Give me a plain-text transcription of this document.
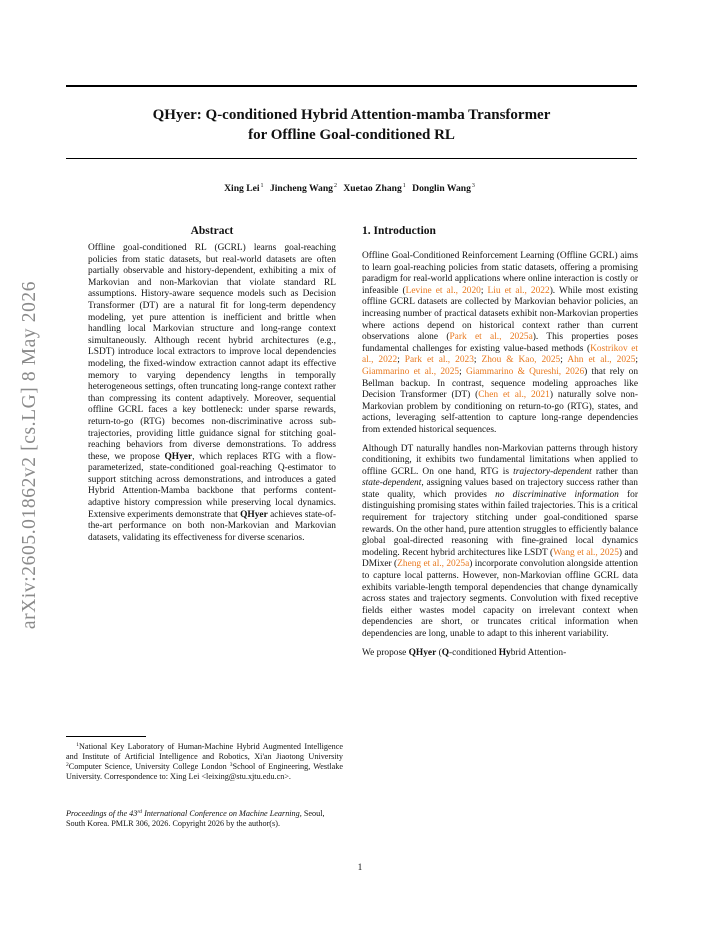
arXiv:2605.01862v2 [cs.LG] 8 May 2026
QHyer: Q-conditioned Hybrid Attention-mamba Transformer
for Offline Goal-conditioned RL
Xing Lei$^1$ Jincheng Wang$^2$ Xuetao Zhang$^1$ Donglin Wang$^3$
Abstract
Offline goal-conditioned RL (GCRL) learns goal-reaching policies from static datasets, but real-world datasets are often partially observable and history-dependent, exhibiting a mix of Markovian and non-Markovian that violate standard RL assumptions. History-aware sequence models such as Decision Transformer (DT) are a natural fit for long-term dependency modeling, yet pure attention is inefficient and brittle when handling local Markovian structure and long-range context simultaneously. Although recent hybrid architectures (e.g., LSDT) introduce local extractors to improve local dependencies modeling, the fixed-window extraction cannot adapt its effective memory to varying dependency lengths in temporally heterogeneous settings, often truncating long-range context rather than compressing its content adaptively. Moreover, sequential offline GCRL faces a key bottleneck: under sparse rewards, return-to-go (RTG) becomes non-discriminative across sub-trajectories, providing little guidance signal for stitching goal-reaching behaviors from diverse demonstrations. To address these, we propose QHyer, which replaces RTG with a flow-parameterized, state-conditioned goal-reaching Q-estimator to support stitching across demonstrations, and introduces a gated Hybrid Attention-Mamba backbone that performs content-adaptive history compression while preserving local dynamics. Extensive experiments demonstrate that QHyer achieves state-of-the-art performance on both non-Markovian and Markovian datasets, validating its effectiveness for diverse scenarios.
$^1$National Key Laboratory of Human-Machine Hybrid Augmented Intelligence and Institute of Artificial Intelligence and Robotics, Xi'an Jiaotong University $^2$Computer Science, University College London $^3$School of Engineering, Westlake University. Correspondence to: Xing Lei <leixing@stu.xjtu.edu.cn>.
Proceedings of the 43rd International Conference on Machine Learning, Seoul, South Korea. PMLR 306, 2026. Copyright 2026 by the author(s).
1. Introduction

Offline Goal-Conditioned Reinforcement Learning (Offline GCRL) aims to learn goal-reaching policies from static datasets, offering a promising paradigm for real-world applications where online interaction is costly or infeasible (Levine et al., 2020; Liu et al., 2022). While most existing offline GCRL datasets are collected by Markovian behavior policies, an increasing number of practical datasets exhibit non-Markovian properties where actions depend on historical context rather than current observations alone (Park et al., 2025a). This properties poses fundamental challenges for existing value-based methods (Kostrikov et al., 2022; Park et al., 2023; Zhou & Kao, 2025; Ahn et al., 2025; Giammarino et al., 2025; Giammarino & Qureshi, 2026) that rely on Bellman backup. In contrast, sequence modeling approaches like Decision Transformer (DT) (Chen et al., 2021) naturally solve non-Markovian problem by conditioning on return-to-go (RTG), states, and actions, leveraging self-attention to capture long-range dependencies from extended historical sequences.

Although DT naturally handles non-Markovian patterns through history conditioning, it exhibits two fundamental limitations when applied to offline GCRL. On one hand, RTG is trajectory-dependent rather than state-dependent, assigning values based on trajectory success rather than state quality, which provides no discriminative information for distinguishing promising states within failed trajectories. This is a critical requirement for trajectory stitching under goal-conditioned sparse rewards. On the other hand, pure attention struggles to efficiently balance global goal-directed reasoning with fine-grained local dynamics modeling. Recent hybrid architectures like LSDT (Wang et al., 2025) and DMixer (Zheng et al., 2025a) incorporate convolution alongside attention to capture local patterns. However, non-Markovian offline GCRL data exhibits variable-length temporal dependencies that change dynamically across states and trajectory segments. Convolution with fixed receptive fields either wastes model capacity on irrelevant context when dependencies are short, or truncates critical information when dependencies are long, unable to adapt to this inherent variability.

We propose QHyer (Q-conditioned Hybrid Attention-

1
